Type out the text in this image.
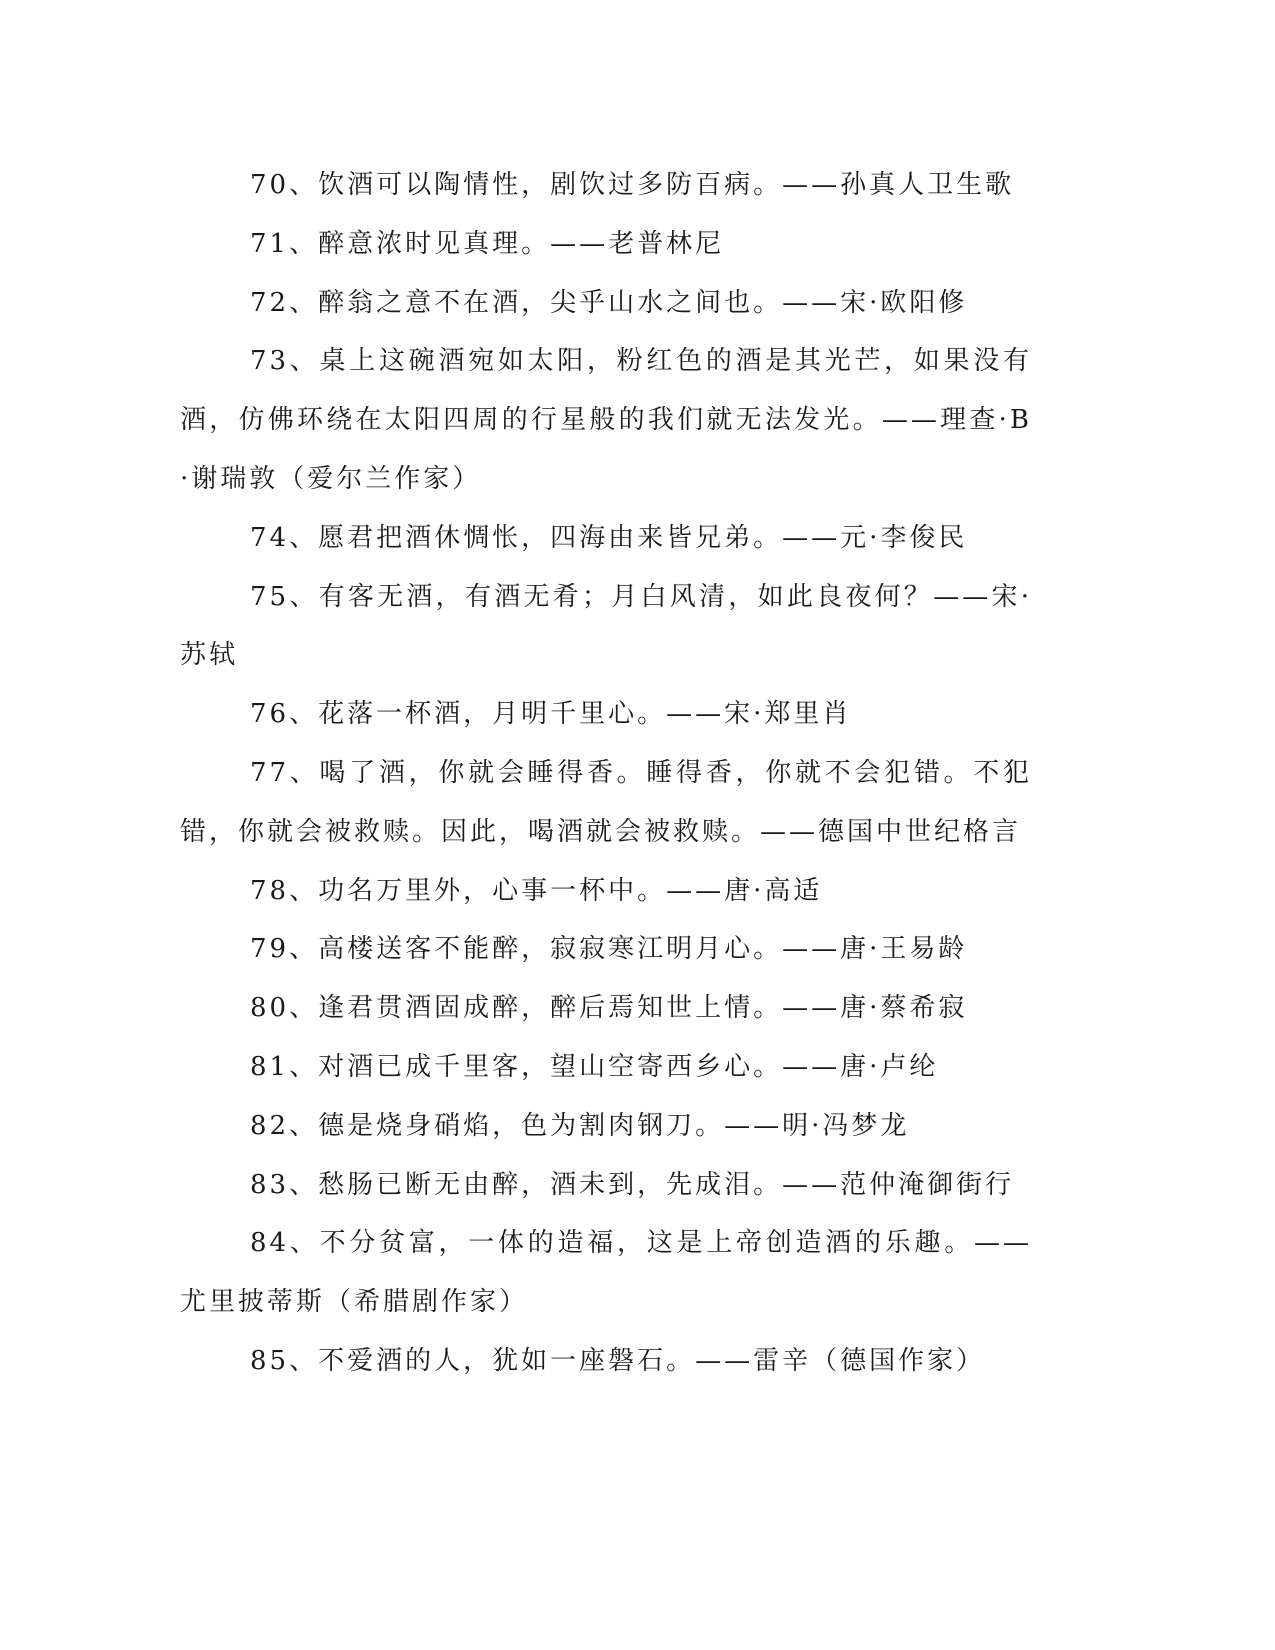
70、饮酒可以陶情性，剧饮过多防百病。——孙真人卫生歌

71、醉意浓时见真理。——老普林尼

72、醉翁之意不在酒，尖乎山水之间也。——宋·欧阳修

73、桌上这碗酒宛如太阳，粉红色的酒是其光芒，如果没有酒，仿佛环绕在太阳四周的行星般的我们就无法发光。——理查·B·谢瑞敦（爱尔兰作家）

74、愿君把酒休惆怅，四海由来皆兄弟。——元·李俊民

75、有客无酒，有酒无肴；月白风清，如此良夜何？——宋·苏轼

76、花落一杯酒，月明千里心。——宋·郑里肖

77、喝了酒，你就会睡得香。睡得香，你就不会犯错。不犯错，你就会被救赎。因此，喝酒就会被救赎。——德国中世纪格言

78、功名万里外，心事一杯中。——唐·高适

79、高楼送客不能醉，寂寂寒江明月心。——唐·王易龄

80、逢君贯酒固成醉，醉后焉知世上情。——唐·蔡希寂

81、对酒已成千里客，望山空寄西乡心。——唐·卢纶

82、德是烧身硝焰，色为割肉钢刀。——明·冯梦龙

83、愁肠已断无由醉，酒未到，先成泪。——范仲淹御街行

84、不分贫富，一体的造福，这是上帝创造酒的乐趣。——尤里披蒂斯（希腊剧作家）

85、不爱酒的人，犹如一座磐石。——雷辛（德国作家）
